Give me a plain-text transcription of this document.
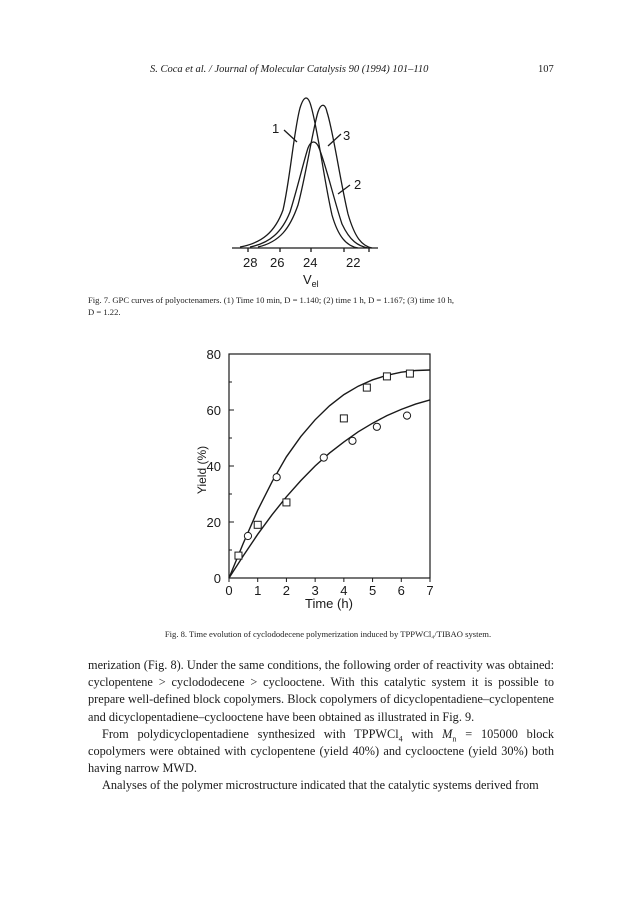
S. Coca et al. / Journal of Molecular Catalysis 90 (1994) 101–110	107
1	3
2
28 26 24 22
$V_{el}$
Fig. 7. GPC curves of polyoctenamers. (1) Time 10 min, D = 1.140; (2) time 1 h, D = 1.167; (3) time 10 h,
D = 1.22.
0 1 2 3 4 5 6 7
0
20
40
60
80
Time (h)
Yield (%)
Fig. 8. Time evolution of cyclododecene polymerization induced by TPPWCl₄/TIBAO system.

merization (Fig. 8). Under the same conditions, the following order of reactivity was obtained: cyclopentene > cyclododecene > cyclooctene. With this catalytic system it is possible to prepare well-defined block copolymers. Block copolymers of dicyclopentadiene–cyclopentene and dicyclopentadiene–cyclooctene have been obtained as illustrated in Fig. 9.

From polydicyclopentadiene synthesized with TPPWCl$_4$ with $M_n = 105000$ block copolymers were obtained with cyclopentene (yield 40%) and cyclooctene (yield 30%) both having narrow MWD.

Analyses of the polymer microstructure indicated that the catalytic systems derived from
